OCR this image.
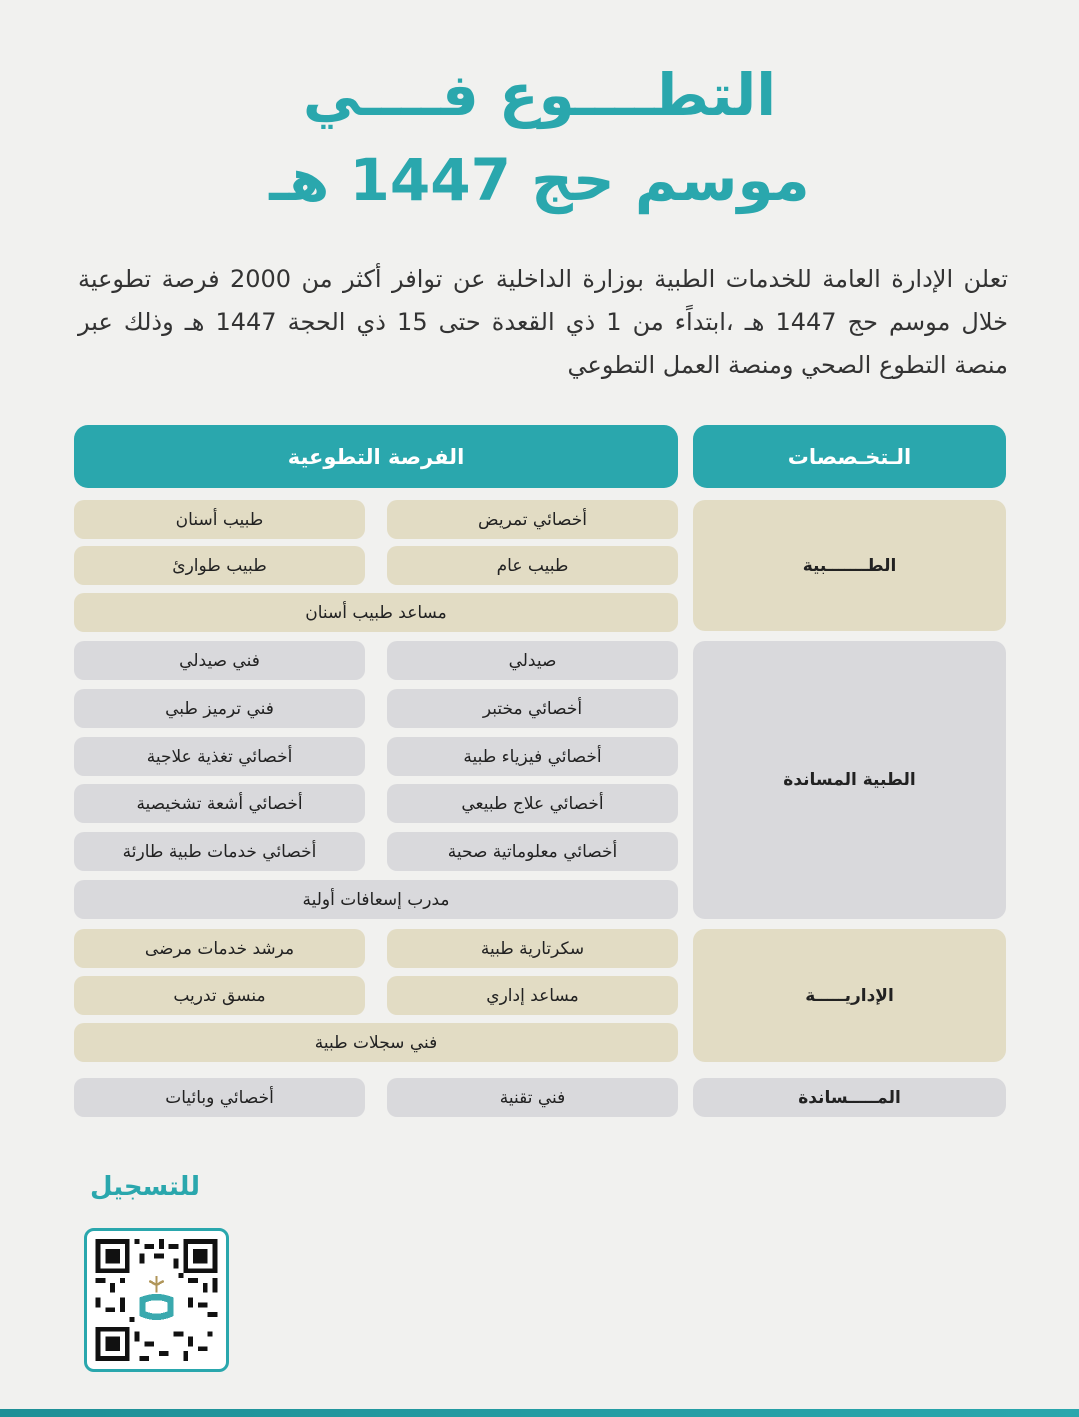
التطــــوع فــــي
موسم حج 1447 هـ

تعلن الإدارة العامة للخدمات الطبية بوزارة الداخلية عن توافر أكثر من 2000 فرصة تطوعية خلال موسم حج 1447 هـ ،ابتداًء من 1 ذي القعدة حتى 15 ذي الحجة 1447 هـ وذلك عبر منصة التطوع الصحي ومنصة العمل التطوعي

الـتخـصصات
الفرصة التطوعية
الطـــــــبية
أخصائي تمريض
طبيب أسنان
طبيب عام
طبيب طوارئ
مساعد طبيب أسنان
الطبية المساندة
صيدلي
فني صيدلي
أخصائي مختبر
فني ترميز طبي
أخصائي فيزياء طبية
أخصائي تغذية علاجية
أخصائي علاج طبيعي
أخصائي أشعة تشخيصية
أخصائي معلوماتية صحية
أخصائي خدمات طبية طارئة
مدرب إسعافات أولية
الإداريـــــة
سكرتارية طبية
مرشد خدمات مرضى
مساعد إداري
منسق تدريب
فني سجلات طبية
المـــــساندة
فني تقنية
أخصائي وبائيات
للتسجيل
